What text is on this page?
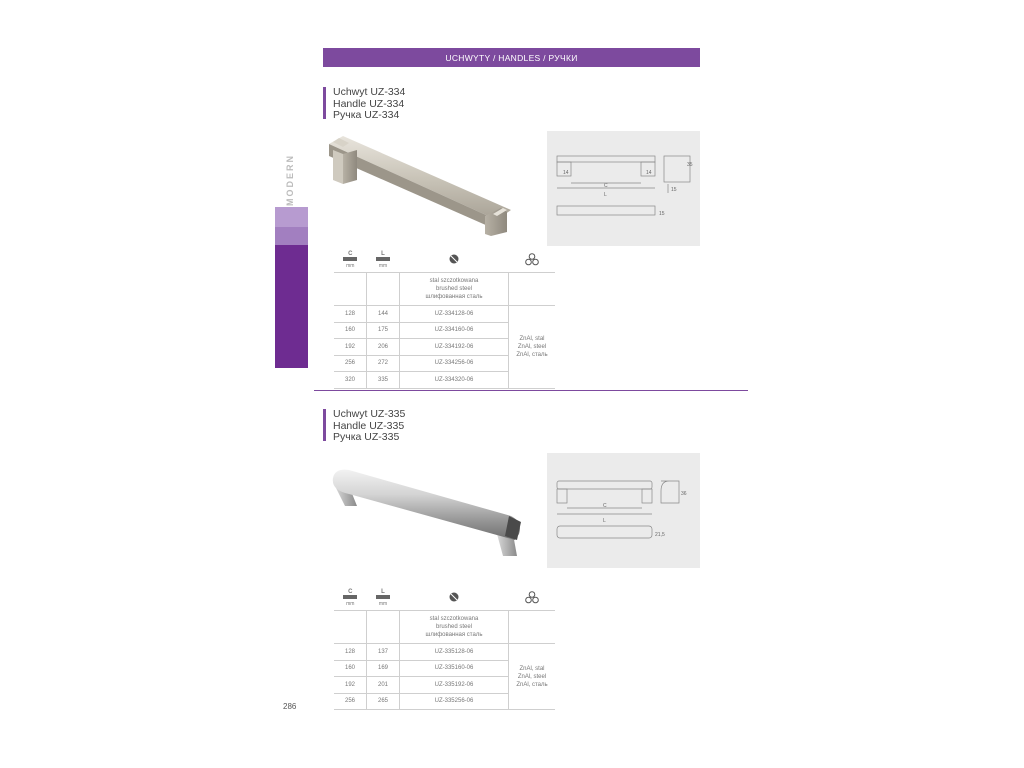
UCHWYTY / HANDLES / РУЧКИ
MODERN
Uchwyt UZ-334
Handle UZ-334
Ручка UZ-334
14	14
C
L
35
15
15
C
mm	L
mm

		stal szczotkowana
brushed steel
шлифованная сталь	

128	144	UZ-334128-06	ZnAl, stal
ZnAl, steel
ZnAl, сталь

160	175	UZ-334160-06	
192	206	UZ-334192-06	
256	272	UZ-334256-06	
320	335	UZ-334320-06	
Uchwyt UZ-335
Handle UZ-335
Ручка UZ-335
C
L
36
21,5
C
mm	L
mm

		stal szczotkowana
brushed steel
шлифованная сталь	

128	137	UZ-335128-06	ZnAl, stal
ZnAl, steel
ZnAl, сталь

160	169	UZ-335160-06	
192	201	UZ-335192-06	
256	265	UZ-335256-06	
286
